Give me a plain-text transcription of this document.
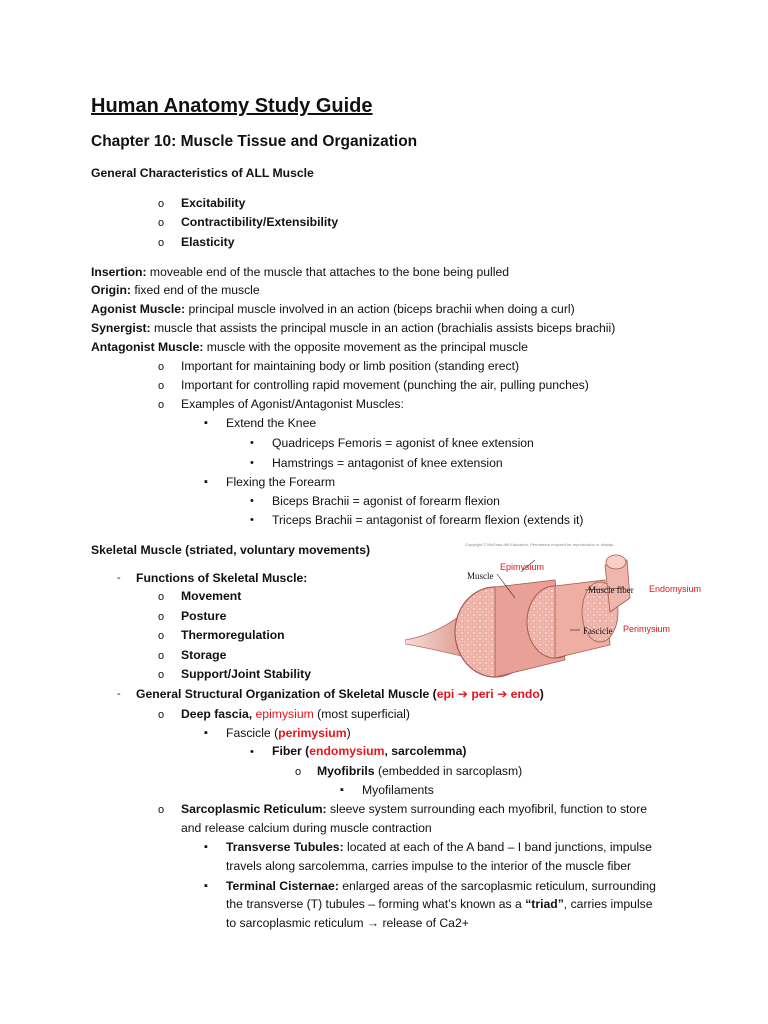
Human Anatomy Study Guide
Chapter 10: Muscle Tissue and Organization
General Characteristics of ALL Muscle
o Excitability
o Contractibility/Extensibility
o Elasticity
Insertion: moveable end of the muscle that attaches to the bone being pulled
Origin: fixed end of the muscle
Agonist Muscle: principal muscle involved in an action (biceps brachii when doing a curl)
Synergist: muscle that assists the principal muscle in an action (brachialis assists biceps brachii)
Antagonist Muscle: muscle with the opposite movement as the principal muscle
o Important for maintaining body or limb position (standing erect)
o Important for controlling rapid movement (punching the air, pulling punches)
o Examples of Agonist/Antagonist Muscles:
▪ Extend the Knee
• Quadriceps Femoris = agonist of knee extension
• Hamstrings = antagonist of knee extension
▪ Flexing the Forearm
• Biceps Brachii = agonist of forearm flexion
• Triceps Brachii = antagonist of forearm flexion (extends it)
Skeletal Muscle (striated, voluntary movements)
- Functions of Skeletal Muscle:
o Movement
o Posture
o Thermoregulation
o Storage
o Support/Joint Stability
- General Structural Organization of Skeletal Muscle (epi ➔ peri ➔ endo)
o Deep fascia, epimysium (most superficial)
▪ Fascicle (perimysium)
• Fiber (endomysium, sarcolemma)
o Myofibrils (embedded in sarcoplasm)
▪ Myofilaments
o Sarcoplasmic Reticulum: sleeve system surrounding each myofibril, function to store
and release calcium during muscle contraction
▪ Transverse Tubules: located at each of the A band – I band junctions, impulse
travels along sarcolemma, carries impulse to the interior of the muscle fiber
▪ Terminal Cisternae: enlarged areas of the sarcoplasmic reticulum, surrounding
the transverse (T) tubules – forming what’s known as a “triad”, carries impulse
to sarcoplasmic reticulum → release of Ca2+
Copyright © McGraw-Hill Education. Permission required for reproduction or display.
Muscle
Epimysium
Muscle fiber Endomysium
Fascicle Perimysium
